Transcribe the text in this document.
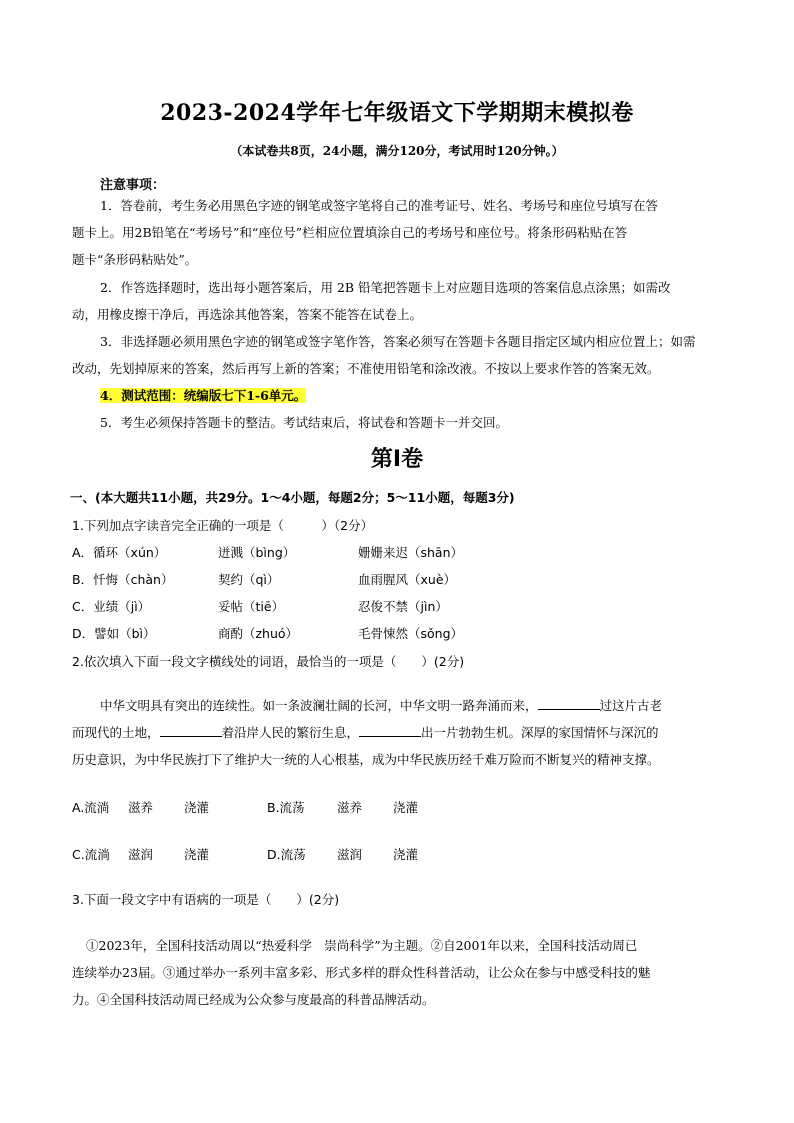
2023-2024学年七年级语文下学期期末模拟卷
（本试卷共8页，24小题，满分120分，考试用时120分钟。）
注意事项：
1．答卷前，考生务必用黑色字迹的钢笔或签字笔将自己的准考证号、姓名、考场号和座位号填写在答
题卡上。用2B铅笔在“考场号”和“座位号”栏相应位置填涂自己的考场号和座位号。将条形码粘贴在答
题卡“条形码粘贴处”。
2．作答选择题时，选出每小题答案后，用 2B 铅笔把答题卡上对应题目选项的答案信息点涂黑；如需改
动，用橡皮擦干净后，再选涂其他答案，答案不能答在试卷上。
3．非选择题必须用黑色字迹的钢笔或签字笔作答，答案必须写在答题卡各题目指定区域内相应位置上；如需
改动，先划掉原来的答案，然后再写上新的答案；不准使用铅笔和涂改液。不按以上要求作答的答案无效。
4．测试范围：统编版七下1-6单元。
5．考生必须保持答题卡的整洁。考试结束后，将试卷和答题卡一并交回。
第Ⅰ卷
一、(本大题共11小题，共29分。1～4小题，每题2分；5～11小题，每题3分)
1.下列加点字读音完全正确的一项是（　　　）（2分）
A．循环（xún）	迸溅（bìng）	姗姗来迟（shān）
B．忏悔（chàn）	契约（qì）	血雨腥风（xuè）
C．业绩（jì）	妥帖（tiē）	忍俊不禁（jìn）
D．譬如（bì）	商酌（zhuó）	毛骨悚然（sǒng）
2.依次填入下面一段文字横线处的词语，最恰当的一项是（　　）(2分)
中华文明具有突出的连续性。如一条波澜壮阔的长河，中华文明一路奔涌而来，	过这片古老
而现代的土地，	着沿岸人民的繁衍生息，	出一片勃勃生机。深厚的家国情怀与深沉的
历史意识，为中华民族打下了维护大一统的人心根基，成为中华民族历经千难万险而不断复兴的精神支撑。
A.流淌 滋养 浇灌	B.流荡	滋养 浇灌
C.流淌 滋润 浇灌	D.流荡	滋润 浇灌
3.下面一段文字中有语病的一项是（　　）(2分)
①2023年，全国科技活动周以“热爱科学　崇尚科学”为主题。②自2001年以来，全国科技活动周已
连续举办23届。③通过举办一系列丰富多彩、形式多样的群众性科普活动，让公众在参与中感受科技的魅
力。④全国科技活动周已经成为公众参与度最高的科普品牌活动。
